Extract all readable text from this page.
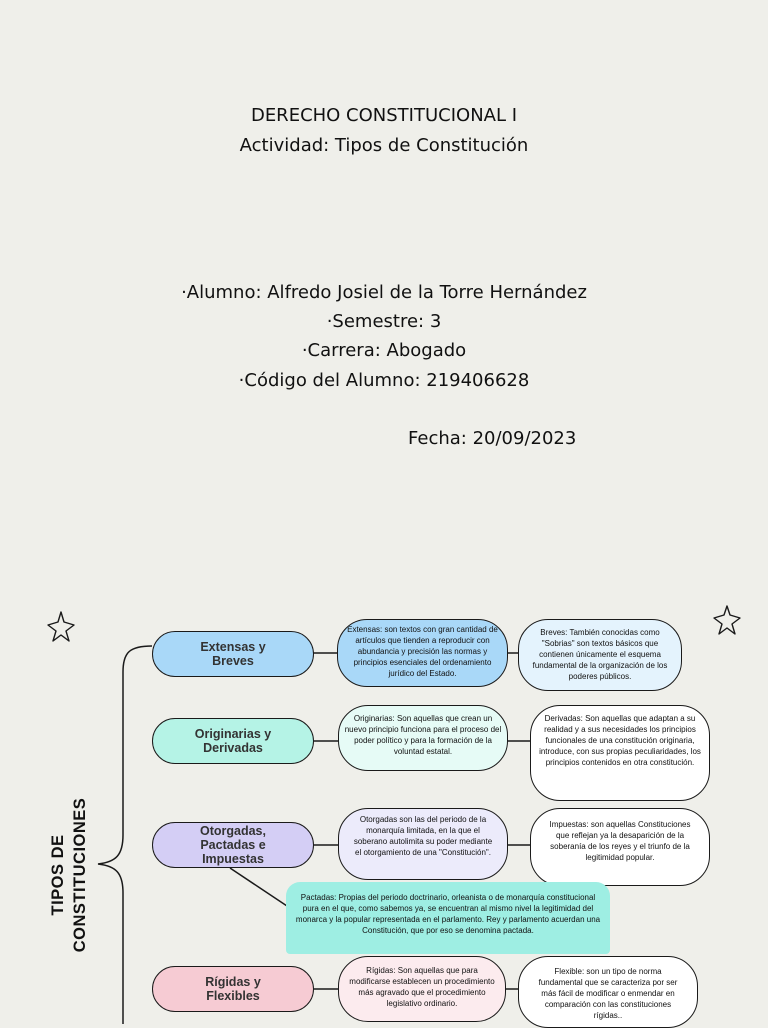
DERECHO CONSTITUCIONAL I
Actividad: Tipos de Constitución
·Alumno: Alfredo Josiel de la Torre Hernández
·Semestre: 3
·Carrera: Abogado
·Código del Alumno: 219406628
Fecha: 20/09/2023
TIPOS DE CONSTITUCIONES
Extensas y Breves
Originarias y Derivadas
Otorgadas, Pactadas e Impuestas
Rígidas y Flexibles
Extensas: son textos con gran cantidad de artículos que tienden a reproducir con abundancia y precisión las normas y principios esenciales del ordenamiento jurídico del Estado.
Breves: También conocidas como "Sobrias" son textos básicos que contienen únicamente el esquema fundamental de la organización de los poderes públicos.
Originarias: Son aquellas que crean un nuevo principio funciona para el proceso del poder político y para la formación de la voluntad estatal.
Derivadas: Son aquellas que adaptan a su realidad y a sus necesidades los principios funcionales de una constitución originaria, introduce, con sus propias peculiaridades, los principios contenidos en otra constitución.
Otorgadas son las del periodo de la monarquía limitada, en la que el soberano autolimita su poder mediante el otorgamiento de una "Constitución".
Impuestas: son aquellas Constituciones que reflejan ya la desaparición de la soberanía de los reyes y el triunfo de la legitimidad popular.
Pactadas: Propias del periodo doctrinario, orleanista o de monarquía constitucional pura en el que, como sabemos ya, se encuentran al mismo nivel la legitimidad del monarca y la popular representada en el parlamento. Rey y parlamento acuerdan una Constitución, que por eso se denomina pactada.
Rígidas: Son aquellas que para modificarse establecen un procedimiento más agravado que el procedimiento legislativo ordinario.
Flexible: son un tipo de norma fundamental que se caracteriza por ser más fácil de modificar o enmendar en comparación con las constituciones rígidas..
